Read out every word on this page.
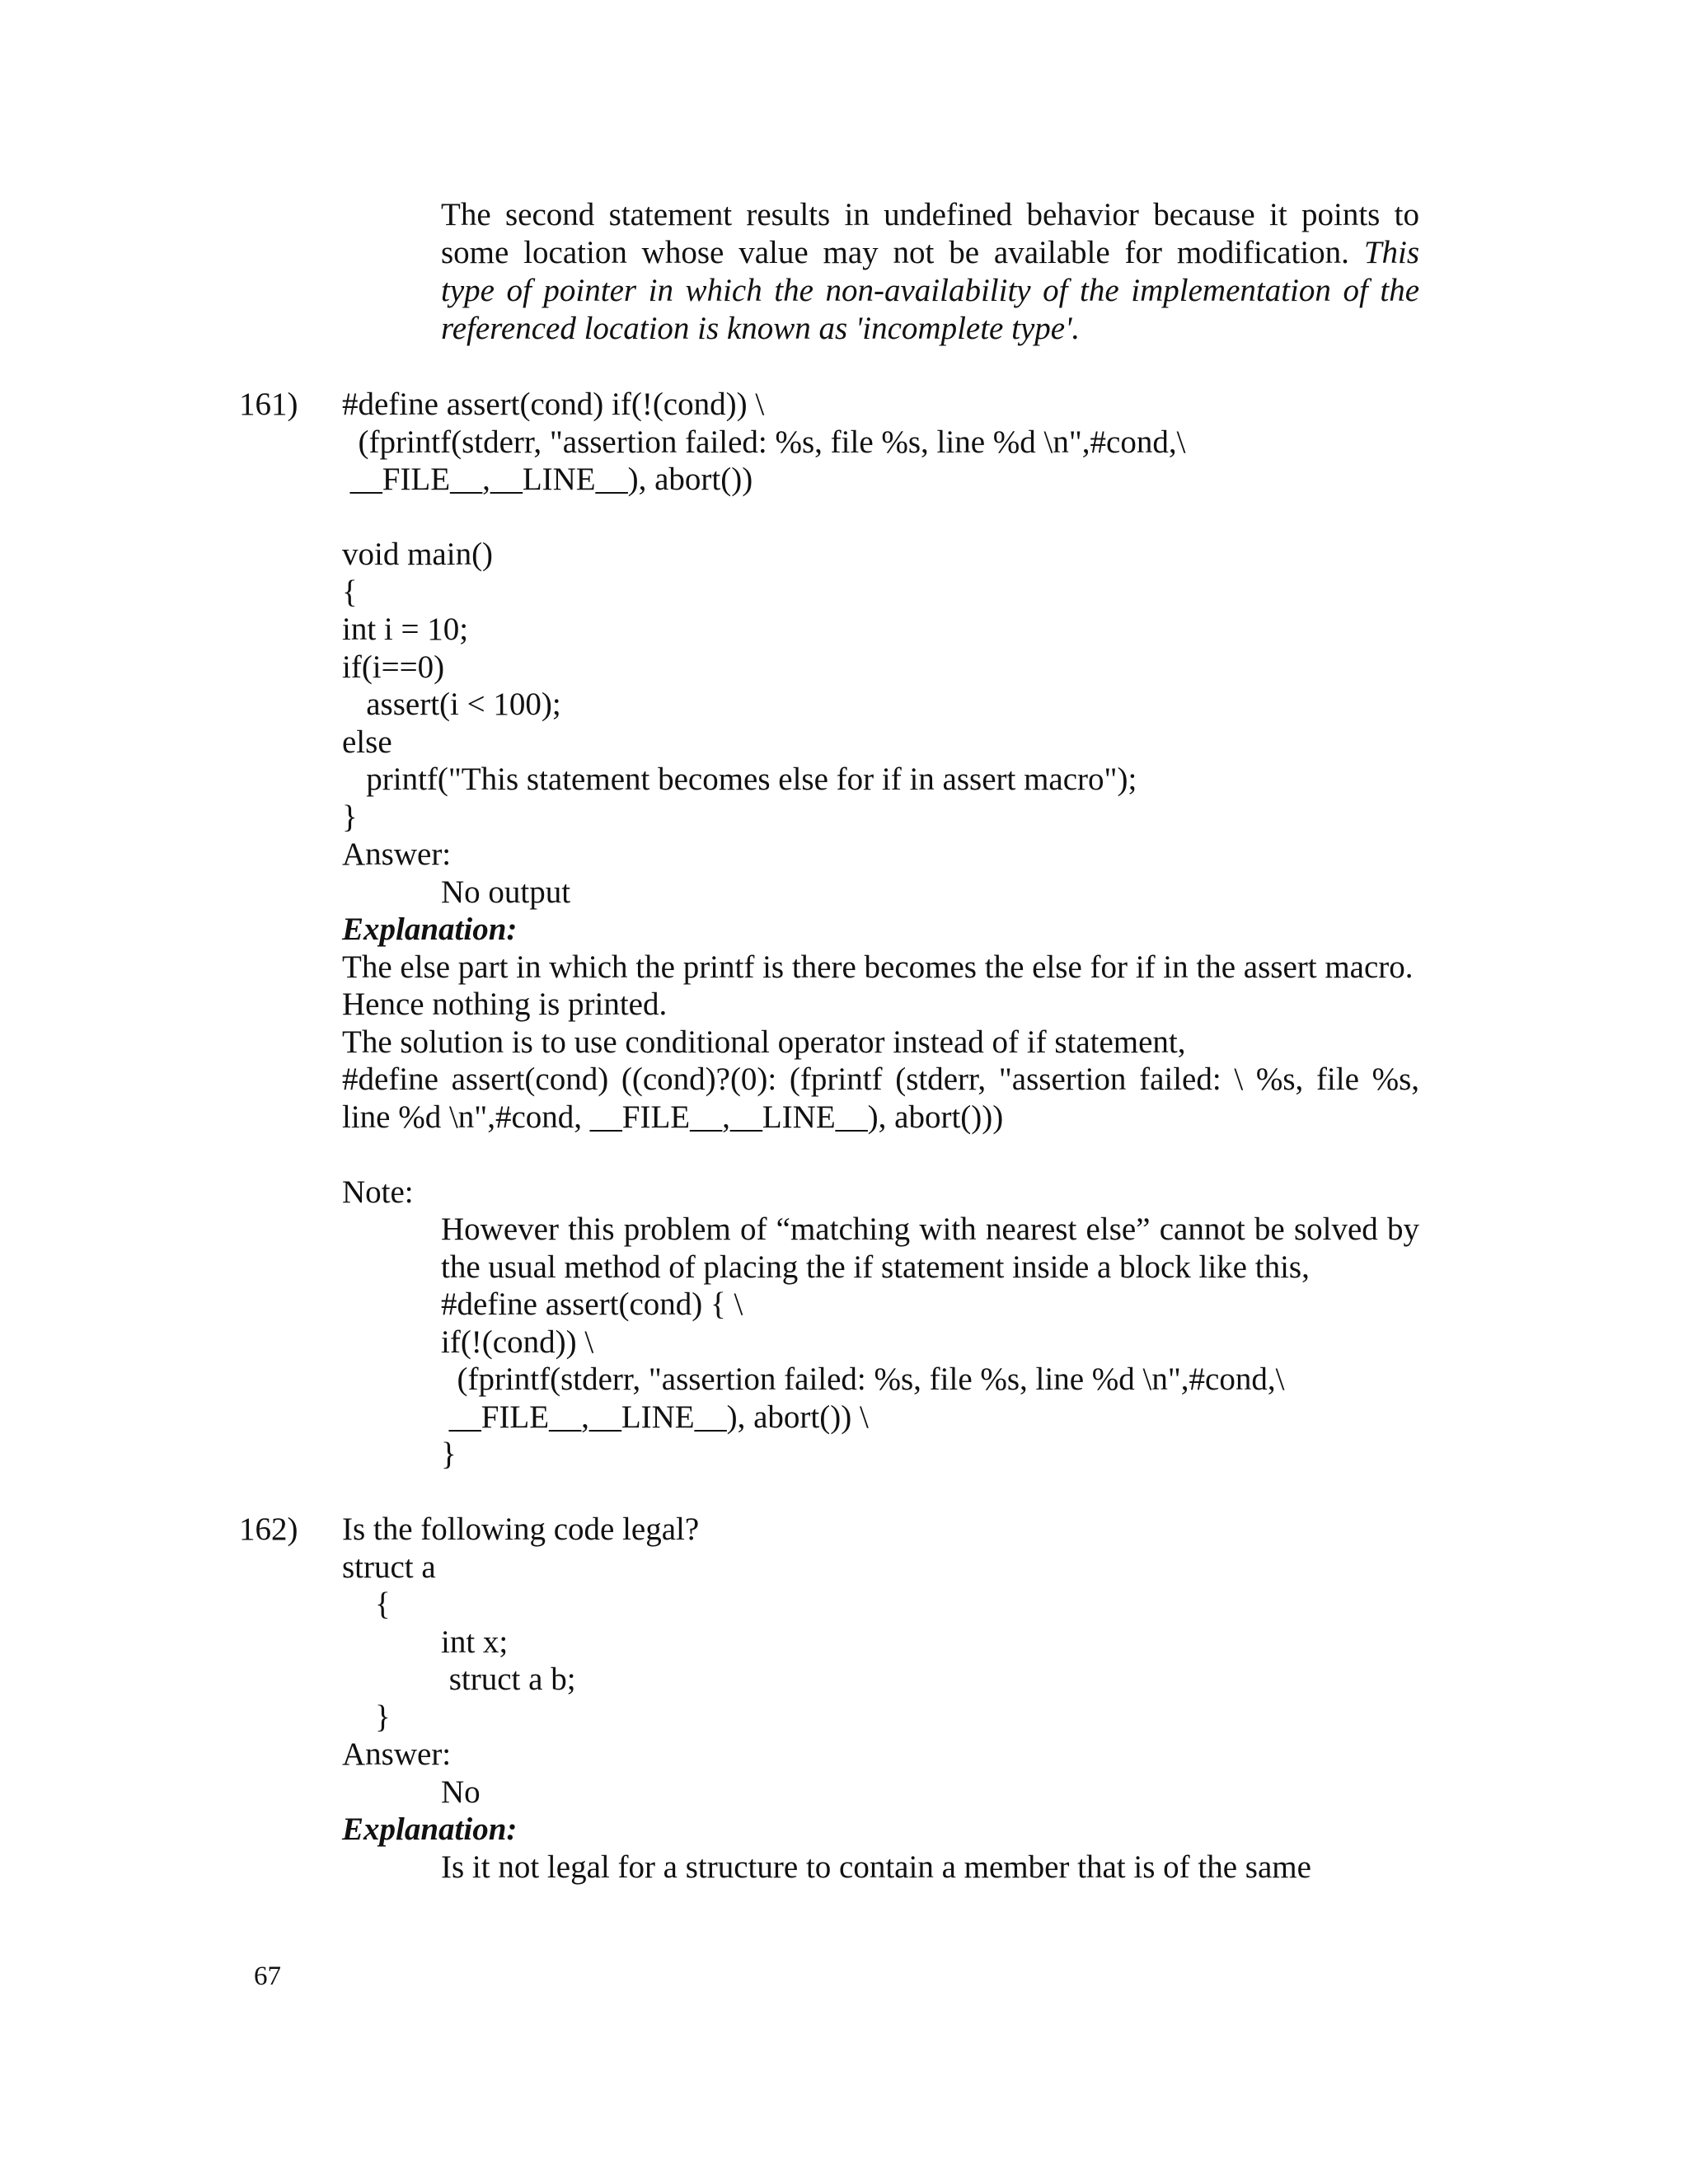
The second statement results in undefined behavior because it points to
some location whose value may not be available for modification. This
type of pointer in which the non-availability of the implementation of the
referenced location is known as 'incomplete type'.
161) #define assert(cond) if(!(cond)) \
(fprintf(stderr, "assertion failed: %s, file %s, line %d \n",#cond,\
__FILE__,__LINE__), abort())
void main()
{
int i = 10;
if(i==0)
assert(i < 100);
else
printf("This statement becomes else for if in assert macro");
}
Answer:
No output
Explanation:
The else part in which the printf is there becomes the else for if in the assert macro.
Hence nothing is printed.
The solution is to use conditional operator instead of if statement,
#define assert(cond) ((cond)?(0): (fprintf (stderr, "assertion failed: \ %s, file %s,
line %d \n",#cond, __FILE__,__LINE__), abort()))
Note:
However this problem of “matching with nearest else” cannot be solved by
the usual method of placing the if statement inside a block like this,
#define assert(cond) { \
if(!(cond)) \
(fprintf(stderr, "assertion failed: %s, file %s, line %d \n",#cond,\
__FILE__,__LINE__), abort()) \
}
162) Is the following code legal?
struct a
{
int x;
struct a b;
}
Answer:
No
Explanation:
Is it not legal for a structure to contain a member that is of the same
67
